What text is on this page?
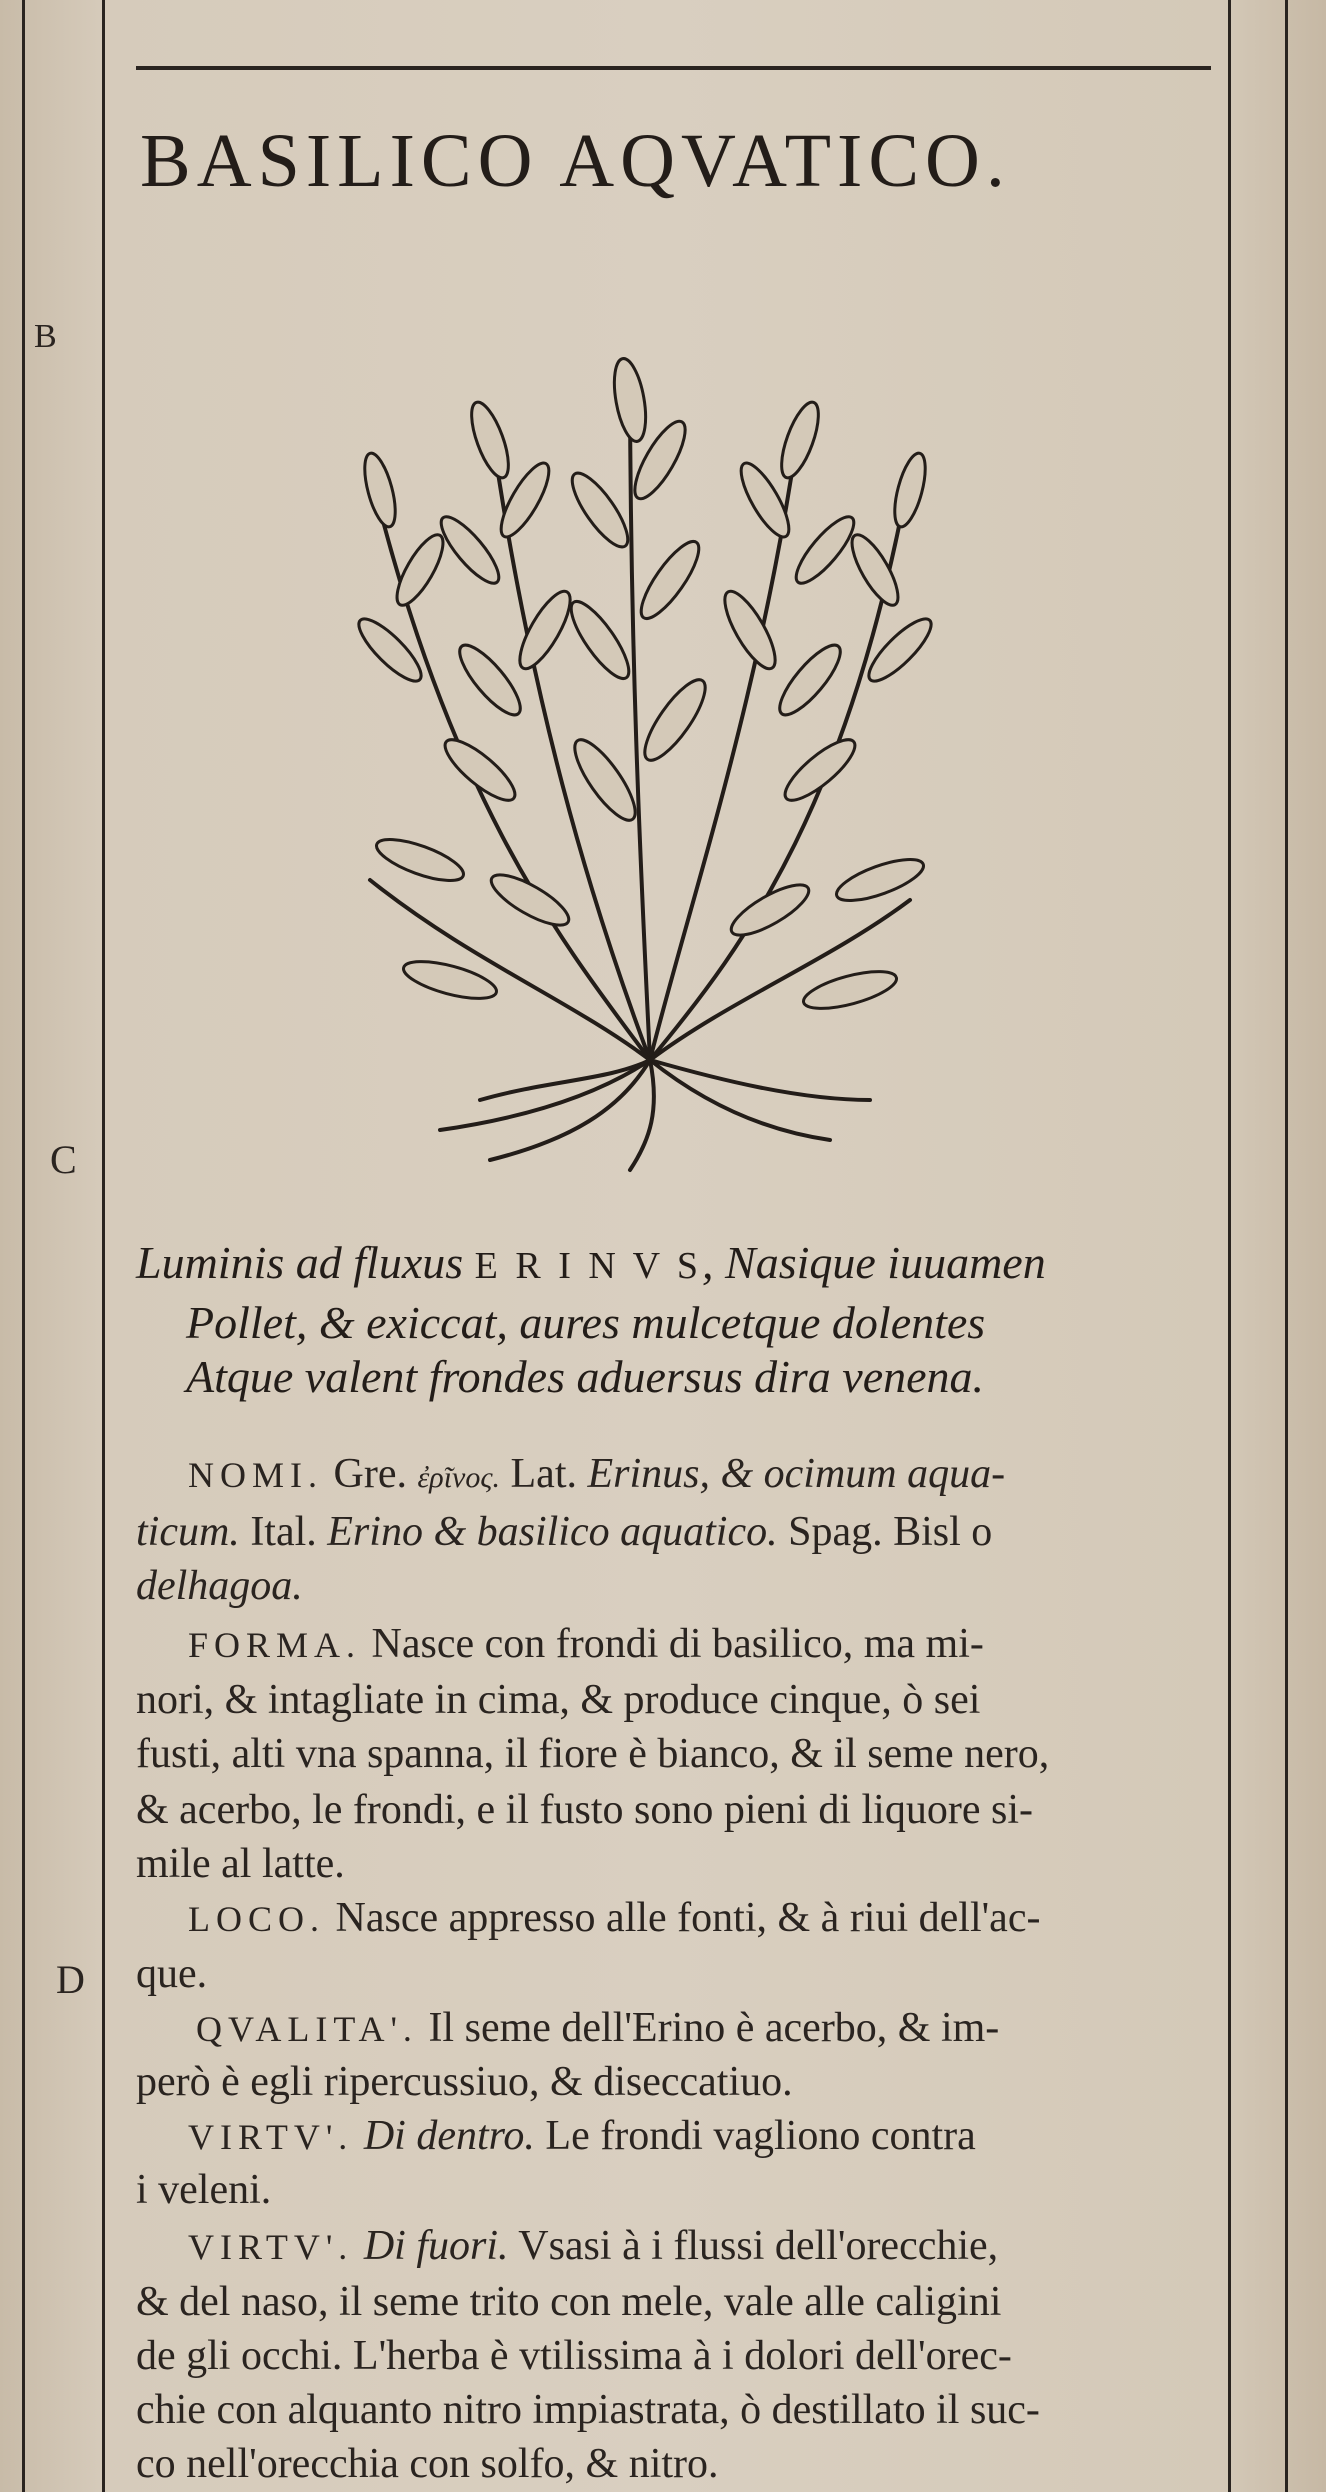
B
C
D
BASILICO AQVATICO.
Luminis ad fluxus E R I N V S, Nasique iuuamen
Pollet, & exiccat, aures mulcetque dolentes
Atque valent frondes aduersus dira venena.
NOMI. Gre. ἐρῖνος. Lat. Erinus, & ocimum aqua-
ticum. Ital. Erino & basilico aquatico. Spag. Bisl o
delhagoa.
FORMA. Nasce con frondi di basilico, ma mi-
nori, & intagliate in cima, & produce cinque, ò sei
fusti, alti vna spanna, il fiore è bianco, & il seme nero,
& acerbo, le frondi, e il fusto sono pieni di liquore si-
mile al latte.
LOCO. Nasce appresso alle fonti, & à riui dell'ac-
que.
QVALITA'. Il seme dell'Erino è acerbo, & im-
però è egli ripercussiuo, & diseccatiuo.
VIRTV'. Di dentro. Le frondi vagliono contra
i veleni.
VIRTV'. Di fuori. Vsasi à i flussi dell'orecchie,
& del naso, il seme trito con mele, vale alle caligini
de gli occhi. L'herba è vtilissima à i dolori dell'orec-
chie con alquanto nitro impiastrata, ò destillato il suc-
co nell'orecchia con solfo, & nitro.
